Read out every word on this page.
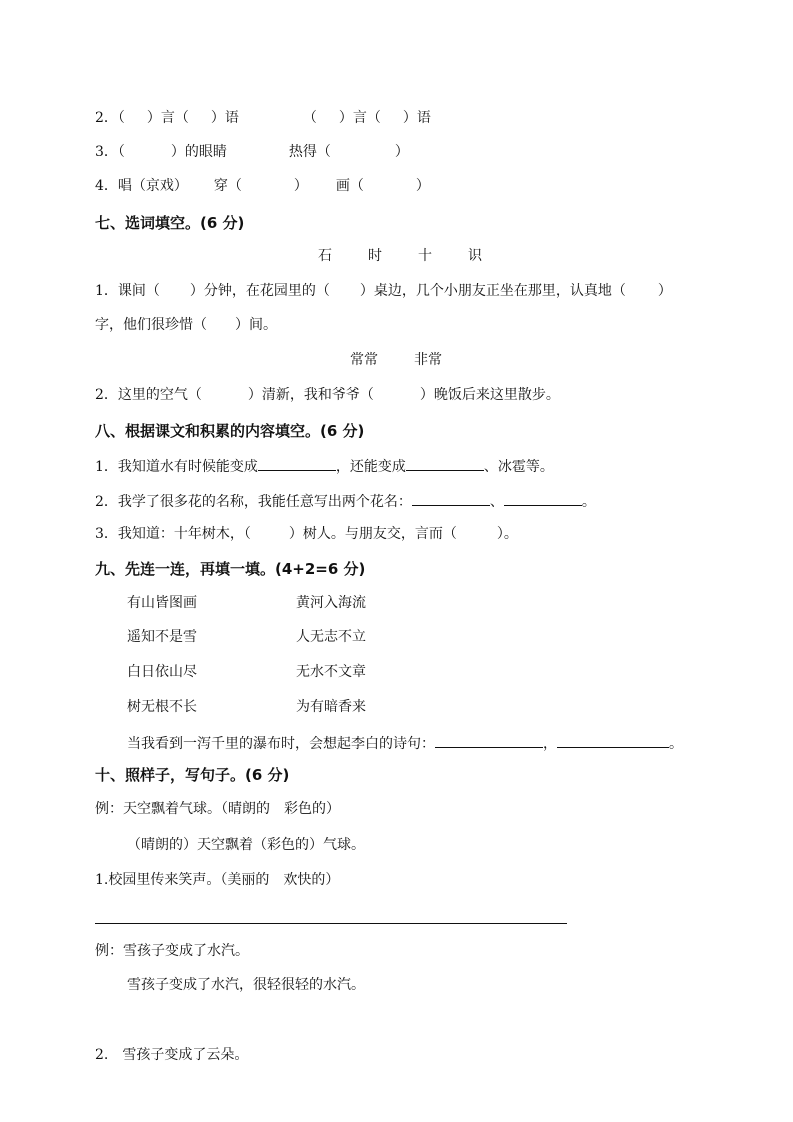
2．（ ）言（ ）语	（ ）言（ ）语
3．（	）的眼睛	热得（	）
4．唱（京戏） 穿（	） 画（	）
七、选词填空。(6 分)
石	时	十	识
1．课间（ ）分钟，在花园里的（ ）桌边，几个小朋友正坐在那里，认真地（ ）
字，他们很珍惜（ ）间。
常常	非常
2．这里的空气（	）清新，我和爷爷（	）晚饭后来这里散步。
八、根据课文和积累的内容填空。(6 分)
1．我知道水有时候能变成	，还能变成	、冰雹等。
2．我学了很多花的名称，我能任意写出两个花名：	、	。
3．我知道：十年树木，（	）树人。与朋友交，言而（	）。
九、先连一连，再填一填。(4+2=6 分)
有山皆图画	黄河入海流
遥知不是雪	人无志不立
白日依山尽	无水不文章
树无根不长	为有暗香来
当我看到一泻千里的瀑布时，会想起李白的诗句：	，	。
十、照样子，写句子。(6 分)
例：天空飘着气球。（晴朗的　彩色的）
（晴朗的）天空飘着（彩色的）气球。
1.校园里传来笑声。（美丽的　欢快的）
例：雪孩子变成了水汽。
雪孩子变成了水汽，很轻很轻的水汽。
2.　雪孩子变成了云朵。
